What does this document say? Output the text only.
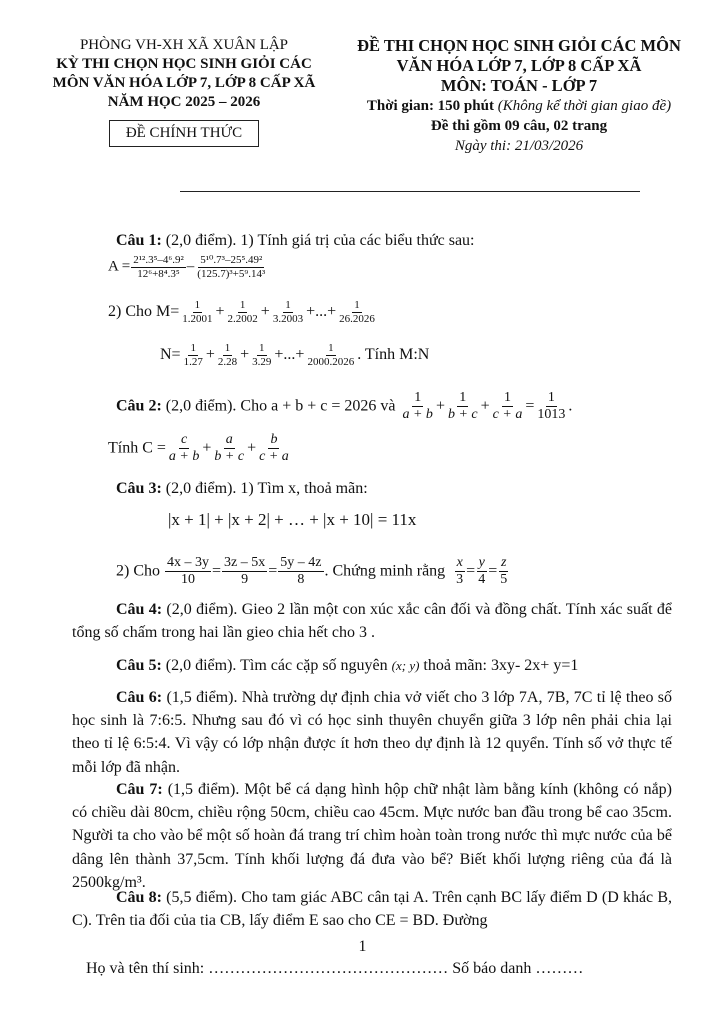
PHÒNG VH-XH XÃ XUÂN LẬP
KỲ THI CHỌN HỌC SINH GIỎI CÁC
MÔN VĂN HÓA LỚP 7, LỚP 8 CẤP XÃ
NĂM HỌC 2025 – 2026
ĐỀ CHÍNH THỨC
ĐỀ THI CHỌN HỌC SINH GIỎI CÁC MÔN
VĂN HÓA LỚP 7, LỚP 8 CẤP XÃ
MÔN: TOÁN - LỚP 7
Thời gian: 150 phút (Không kể thời gian giao đề)
Đề thi gồm 09 câu, 02 trang
Ngày thi: 21/03/2026
Câu 1: (2,0 điểm). 1) Tính giá trị của các biểu thức sau:
$A = \frac{\text{2¹².3⁵–4⁶.9²}}{\text{12⁶+8⁴.3⁵}} - \frac{\text{5¹⁰.7³–25⁵.49²}}{\text{(125.7)³+5⁹.14³}}$
2) Cho $M= \frac{1}{1.2001} + \frac{1}{2.2002} + \frac{1}{3.2003}$ +...+ $\frac{1}{26.2026}$
$N= \frac{1}{1.27} + \frac{1}{2.28} + \frac{1}{3.29}$ +...+ $\frac{1}{2000.2026}$ . Tính M:N
Câu 2: (2,0 điểm). Cho a + b + c = 2026 và $\frac{1}{a + b} + \frac{1}{b + c} + \frac{1}{c + a} = \frac{1}{1013}$ .
Tính $C = \frac{c}{a + b} + \frac{a}{b + c} + \frac{b}{c + a}$
Câu 3: (2,0 điểm). 1) Tìm x, thoả mãn:
|x + 1| + |x + 2| + … + |x + 10| = 11x
2) Cho $\frac{4x - 3y}{10} = \frac{3z - 5x}{9} = \frac{5y - 4z}{8}$ . Chứng minh rằng $\frac{x}{3} = \frac{y}{4} = \frac{z}{5}$
Câu 4: (2,0 điểm). Gieo 2 lần một con xúc xắc cân đối và đồng chất. Tính xác suất để tổng số chấm trong hai lần gieo chia hết cho 3 .
Câu 5: (2,0 điểm). Tìm các cặp số nguyên (x; y) thoả mãn: 3xy- 2x+ y=1
Câu 6: (1,5 điểm). Nhà trường dự định chia vở viết cho 3 lớp 7A, 7B, 7C tỉ lệ theo số học sinh là 7:6:5. Nhưng sau đó vì có học sinh thuyên chuyển giữa 3 lớp nên phải chia lại theo tỉ lệ 6:5:4. Vì vậy có lớp nhận được ít hơn theo dự định là 12 quyển. Tính số vở thực tế mỗi lớp đã nhận.
Câu 7: (1,5 điểm). Một bể cá dạng hình hộp chữ nhật làm bằng kính (không có nắp) có chiều dài 80cm, chiều rộng 50cm, chiều cao 45cm. Mực nước ban đầu trong bể cao 35cm. Người ta cho vào bể một số hoàn đá trang trí chìm hoàn toàn trong nước thì mực nước của bể dâng lên thành 37,5cm. Tính khối lượng đá đưa vào bể? Biết khối lượng riêng của đá là 2500kg/m³.
Câu 8: (5,5 điểm). Cho tam giác ABC cân tại A. Trên cạnh BC lấy điểm D (D khác B, C). Trên tia đối của tia CB, lấy điểm E sao cho CE = BD. Đường
1
Họ và tên thí sinh: ……………………………………… Số báo danh ………
